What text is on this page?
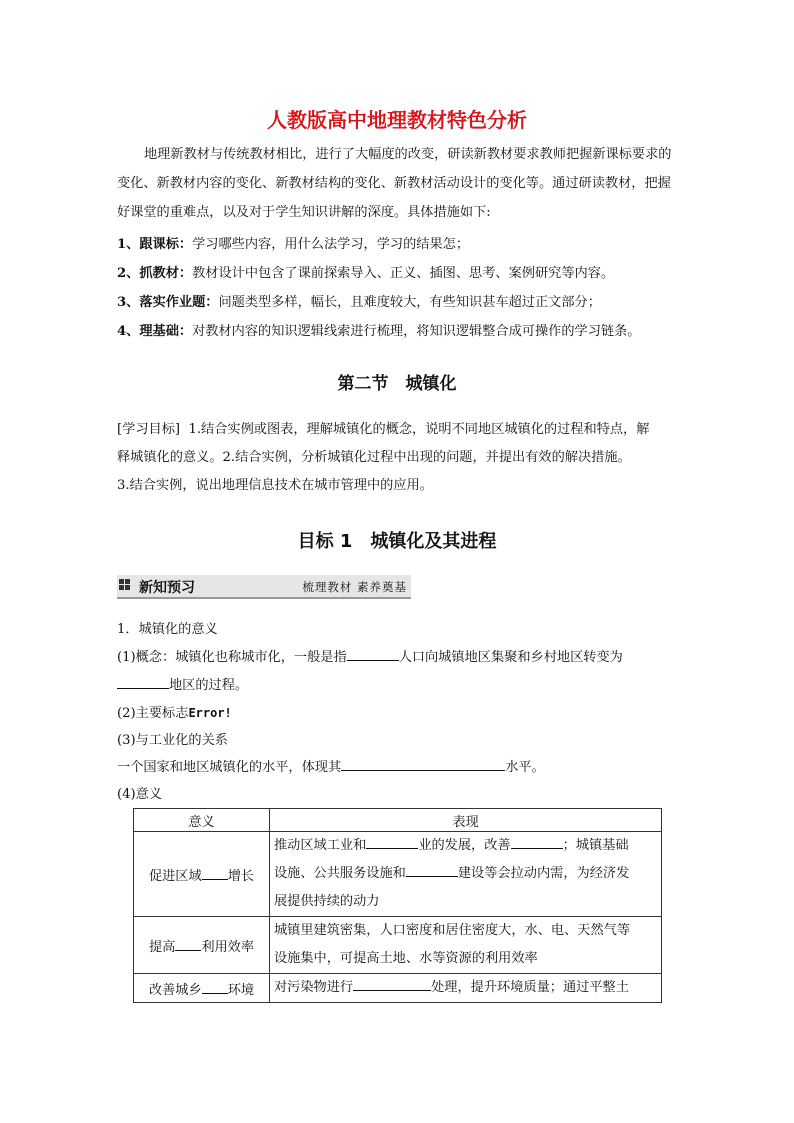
人教版高中地理教材特色分析
地理新教材与传统教材相比，进行了大幅度的改变，研读新教材要求教师把握新课标要求的变化、新教材内容的变化、新教材结构的变化、新教材活动设计的变化等。通过研读教材，把握好课堂的重难点，以及对于学生知识讲解的深度。具体措施如下:
1、跟课标：学习哪些内容，用什么法学习，学习的结果怎；
2、抓教材：教材设计中包含了课前探索导入、正义、插图、思考、案例研究等内容。
3、落实作业题：问题类型多样，幅长，且难度较大，有些知识甚车超过正文部分；
4、理基础：对教材内容的知识逻辑线索进行梳理，将知识逻辑整合成可操作的学习链条。
第二节　城镇化
[学习目标] 1.结合实例或图表，理解城镇化的概念，说明不同地区城镇化的过程和特点，解
释城镇化的意义。2.结合实例，分析城镇化过程中出现的问题，并提出有效的解决措施。
3.结合实例，说出地理信息技术在城市管理中的应用。
目标 1　城镇化及其进程
新知预习	梳理教材 素养奠基
1．城镇化的意义
(1)概念：城镇化也称城市化，一般是指	人口向城镇地区集聚和乡村地区转变为
地区的过程。
(2)主要标志Error!
(3)与工业化的关系
一个国家和地区城镇化的水平，体现其	水平。
(4)意义
意义	表现
促进区域 增长	推动区域工业和 业的发展，改善 ；城镇基础
设施、公共服务设施和 建设等会拉动内需，为经济发
展提供持续的动力

提高 利用效率	城镇里建筑密集，人口密度和居住密度大，水、电、天然气等
设施集中，可提高土地、水等资源的利用效率

改善城乡 环境	对污染物进行 处理，提升环境质量；通过平整土
